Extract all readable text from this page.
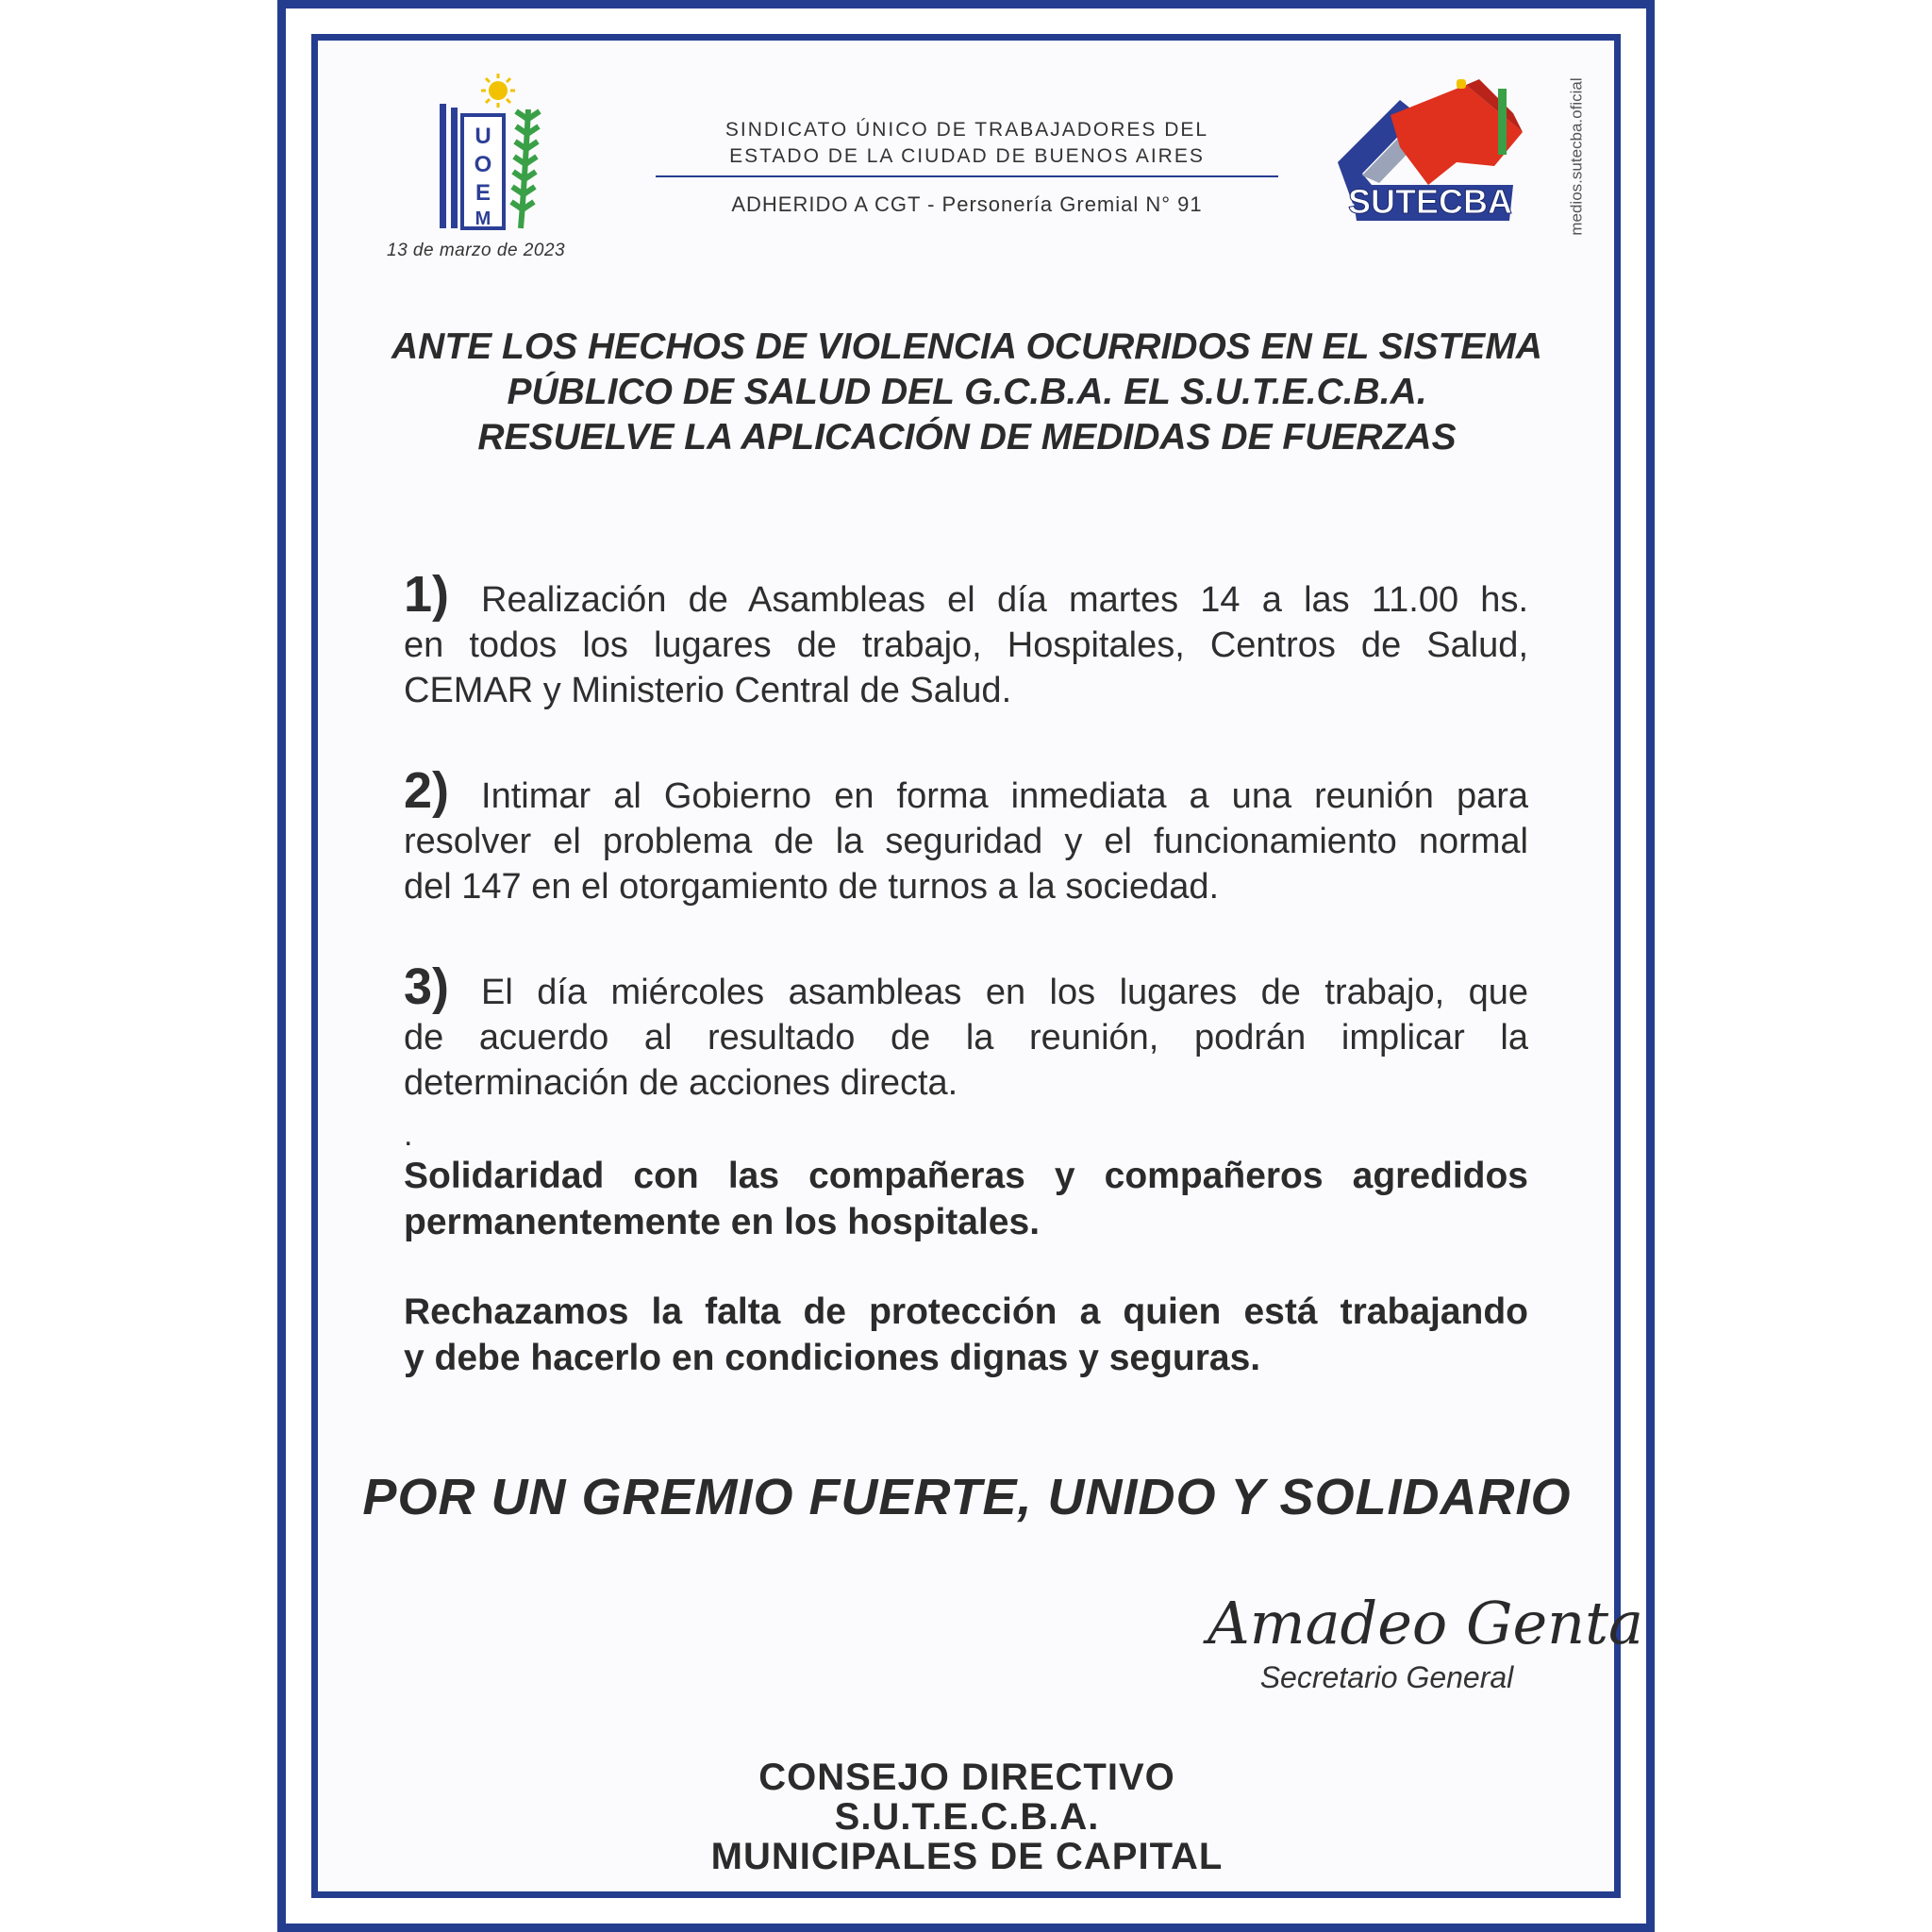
U
O
E
M
13 de marzo de 2023
SINDICATO ÚNICO DE TRABAJADORES DEL
ESTADO DE LA CIUDAD DE BUENOS AIRES
ADHERIDO A CGT - Personería Gremial N° 91	SUTECBA	medios.sutecba.oficial
ANTE LOS HECHOS DE VIOLENCIA OCURRIDOS EN EL SISTEMA
PÚBLICO DE SALUD DEL G.C.B.A. EL S.U.T.E.C.B.A.
RESUELVE LA APLICACIÓN DE MEDIDAS DE FUERZAS

1) Realización de Asambleas el día martes 14 a las 11.00 hs.

en todos los lugares de trabajo, Hospitales, Centros de Salud,

CEMAR y Ministerio Central de Salud.

2) Intimar al Gobierno en forma inmediata a una reunión para

resolver el problema de la seguridad y el funcionamiento normal

del 147 en el otorgamiento de turnos a la sociedad.

3) El día miércoles asambleas en los lugares de trabajo, que

de acuerdo al resultado de la reunión, podrán implicar la

determinación de acciones directa.

.

Solidaridad con las compañeras y compañeros agredidos

permanentemente en los hospitales.

Rechazamos la falta de protección a quien está trabajando

y debe hacerlo en condiciones dignas y seguras.

POR UN GREMIO FUERTE, UNIDO Y SOLIDARIO
Amadeo Genta
Secretario General
CONSEJO DIRECTIVO
S.U.T.E.C.B.A.
MUNICIPALES DE CAPITAL
